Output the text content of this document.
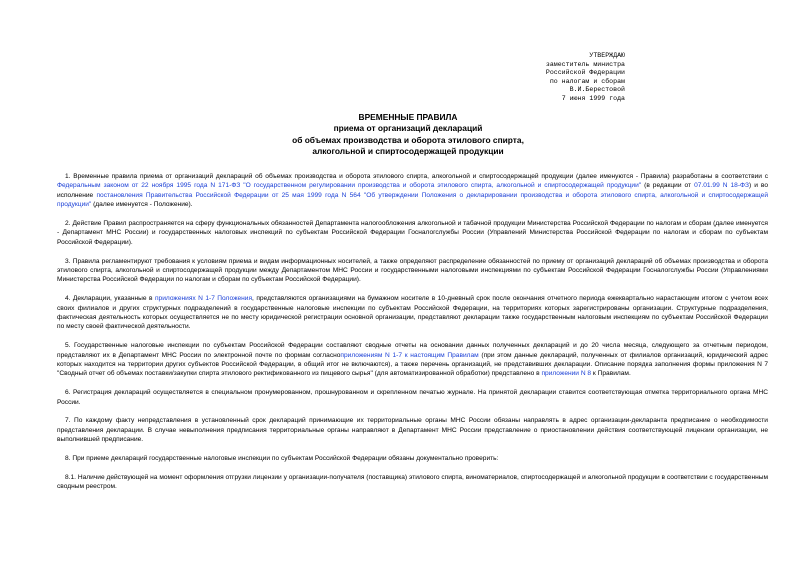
УТВЕРЖДАЮ
заместитель министра
Российской Федерации
по налогам и сборам
В.И.Берестовой
7 июня 1999 года
ВРЕМЕННЫЕ ПРАВИЛА
приема от организаций деклараций
об объемах производства и оборота этилового спирта,
алкогольной и спиртосодержащей продукции

1. Временные правила приема от организаций деклараций об объемах производства и оборота этилового спирта, алкогольной и спиртосодержащей продукции (далее именуются - Правила) разработаны в соответствии с Федеральным законом от 22 ноября 1995 года N 171-ФЗ "О государственном регулировании производства и оборота этилового спирта, алкогольной и спиртосодержащей продукции" (в редакции от 07.01.99 N 18-ФЗ) и во исполнение постановления Правительства Российской Федерации от 25 мая 1999 года N 564 "Об утверждении Положения о декларировании производства и оборота этилового спирта, алкогольной и спиртосодержащей продукции" (далее именуется - Положение).

2. Действие Правил распространяется на сферу функциональных обязанностей Департамента налогообложения алкогольной и табачной продукции Министерства Российской Федерации по налогам и сборам (далее именуется - Департамент МНС России) и государственных налоговых инспекций по субъектам Российской Федерации Госналогслужбы России (Управлений Министерства Российской Федерации по налогам и сборам по субъектам Российской Федерации).

3. Правила регламентируют требования к условиям приема и видам информационных носителей, а также определяют распределение обязанностей по приему от организаций деклараций об объемах производства и оборота этилового спирта, алкогольной и спиртосодержащей продукции между Департаментом МНС России и государственными налоговыми инспекциями по субъектам Российской Федерации Госналогслужбы России (Управлениями Министерства Российской Федерации по налогам и сборам по субъектам Российской Федерации).

4. Декларации, указанные в приложениях N 1-7 Положения, представляются организациями на бумажном носителе в 10-дневный срок после окончания отчетного периода ежеквартально нарастающим итогом с учетом всех своих филиалов и других структурных подразделений в государственные налоговые инспекции по субъектам Российской Федерации, на территориях которых зарегистрированы организации. Структурные подразделения, фактическая деятельность которых осуществляется не по месту юридической регистрации основной организации, представляют декларации также государственным налоговым инспекциям по субъектам Российской Федерации по месту своей фактической деятельности.

5. Государственные налоговые инспекции по субъектам Российской Федерации составляют сводные отчеты на основании данных полученных деклараций и до 20 числа месяца, следующего за отчетным периодом, представляют их в Департамент МНС России по электронной почте по формам согласноприложениям N 1-7 к настоящим Правилам (при этом данные деклараций, полученных от филиалов организаций, юридический адрес которых находится на территории других субъектов Российской Федерации, в общий итог не включаются), а также перечень организаций, не представивших декларации. Описание порядка заполнения формы приложения N 7 "Сводный отчет об объемах поставки/закупки спирта этилового ректификованного из пищевого сырья" (для автоматизированной обработки) представлено в приложении N 8 к Правилам.

6. Регистрация деклараций осуществляется в специальном пронумерованном, прошнурованном и скрепленном печатью журнале. На принятой декларации ставится соответствующая отметка территориального органа МНС России.

7. По каждому факту непредставления в установленный срок деклараций принимающие их территориальные органы МНС России обязаны направлять в адрес организации-декларанта предписание о необходимости представления декларации. В случае невыполнения предписания территориальные органы направляют в Департамент МНС России представление о приостановлении действия соответствующей лицензии организации, не выполнившей предписание.

8. При приеме деклараций государственные налоговые инспекции по субъектам Российской Федерации обязаны документально проверить:

8.1. Наличие действующей на момент оформления отгрузки лицензии у организации-получателя (поставщика) этилового спирта, виноматериалов, спиртосодержащей и алкогольной продукции в соответствии с государственным сводным реестром.
